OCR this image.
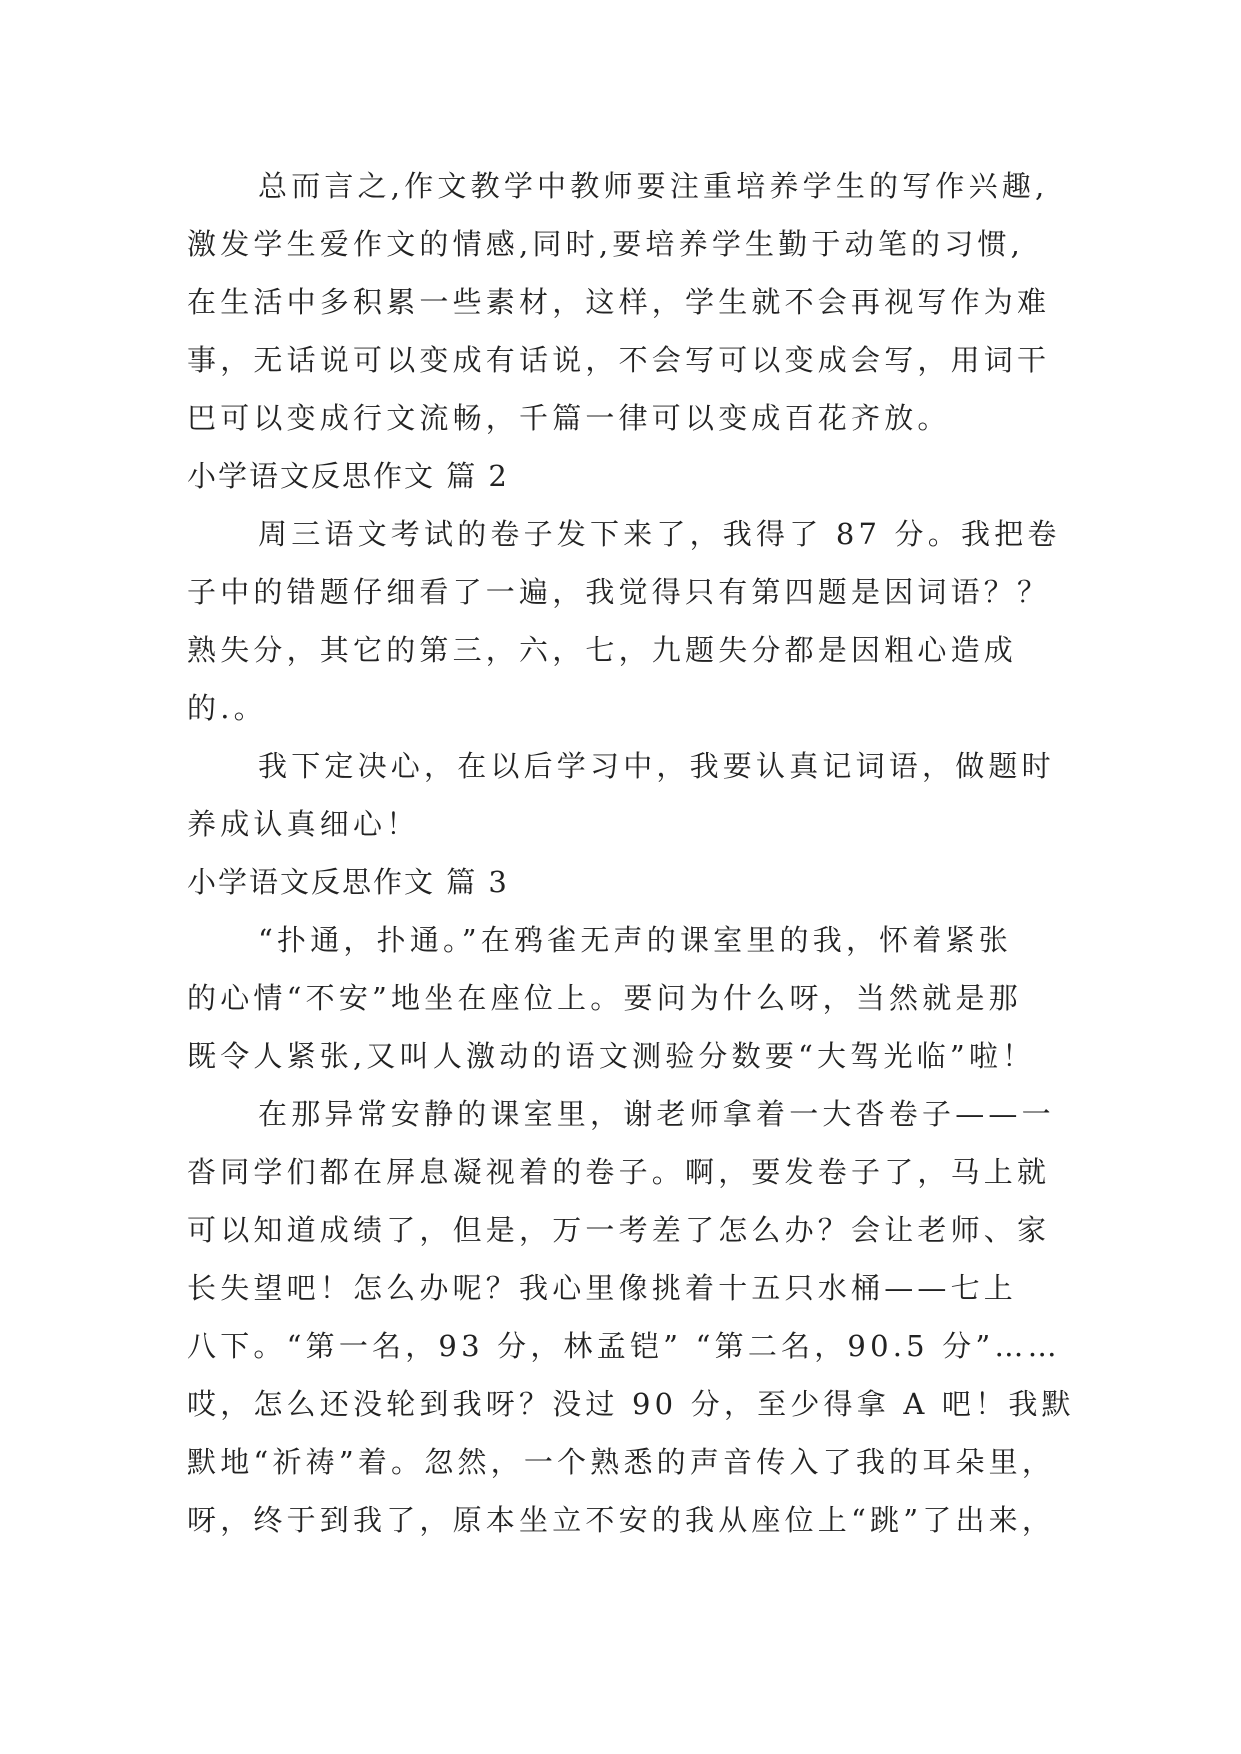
总而言之,作文教学中教师要注重培养学生的写作兴趣,
激发学生爱作文的情感,同时,要培养学生勤于动笔的习惯,
在生活中多积累一些素材，这样，学生就不会再视写作为难
事，无话说可以变成有话说，不会写可以变成会写，用词干
巴可以变成行文流畅，千篇一律可以变成百花齐放。
小学语文反思作文 篇 2
周三语文考试的卷子发下来了，我得了 87 分。我把卷
子中的错题仔细看了一遍，我觉得只有第四题是因词语？？
熟失分，其它的第三，六，七，九题失分都是因粗心造成
的.。
我下定决心，在以后学习中，我要认真记词语，做题时
养成认真细心！
小学语文反思作文 篇 3
“扑通，扑通。”在鸦雀无声的课室里的我，怀着紧张
的心情“不安”地坐在座位上。要问为什么呀，当然就是那
既令人紧张,又叫人激动的语文测验分数要“大驾光临”啦！
在那异常安静的课室里，谢老师拿着一大沓卷子——一
沓同学们都在屏息凝视着的卷子。啊，要发卷子了，马上就
可以知道成绩了，但是，万一考差了怎么办？会让老师、家
长失望吧！怎么办呢？我心里像挑着十五只水桶——七上
八下。“第一名，93 分，林孟铠” “第二名，90.5 分”……
哎，怎么还没轮到我呀？没过 90 分，至少得拿 A 吧！我默
默地“祈祷”着。忽然，一个熟悉的声音传入了我的耳朵里，
呀，终于到我了，原本坐立不安的我从座位上“跳”了出来，
